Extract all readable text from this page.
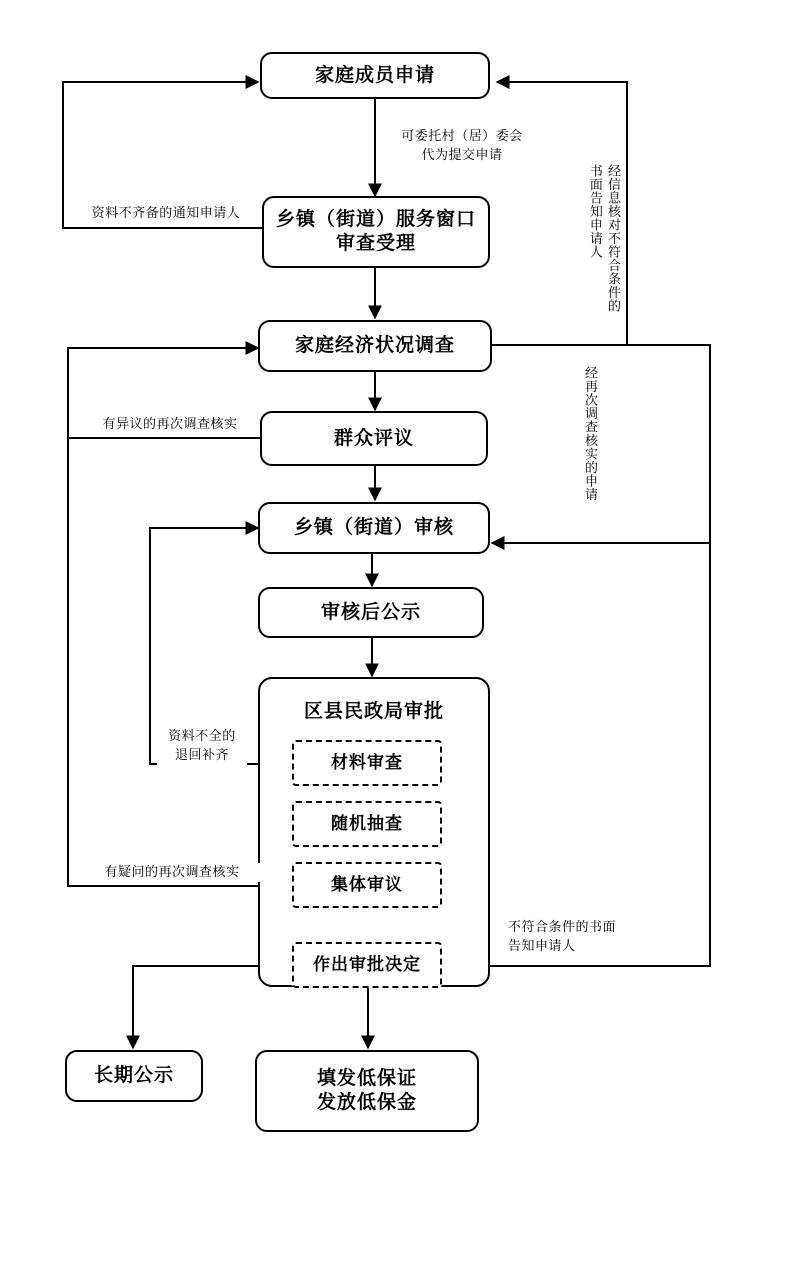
家庭成员申请
乡镇（街道）服务窗口
审查受理
家庭经济状况调查
群众评议
乡镇（街道）审核
审核后公示
区县民政局审批
材料审查
随机抽查
集体审议
作出审批决定
长期公示	填发低保证
发放低保金
可委托村（居）委会
代为提交申请
资料不齐备的通知申请人	经信息核对不符合条件的书面告知申请人
经再次调查核实的申请
有异议的再次调查核实
资料不全的
退回补齐
有疑问的再次调查核实
不符合条件的书面
告知申请人
